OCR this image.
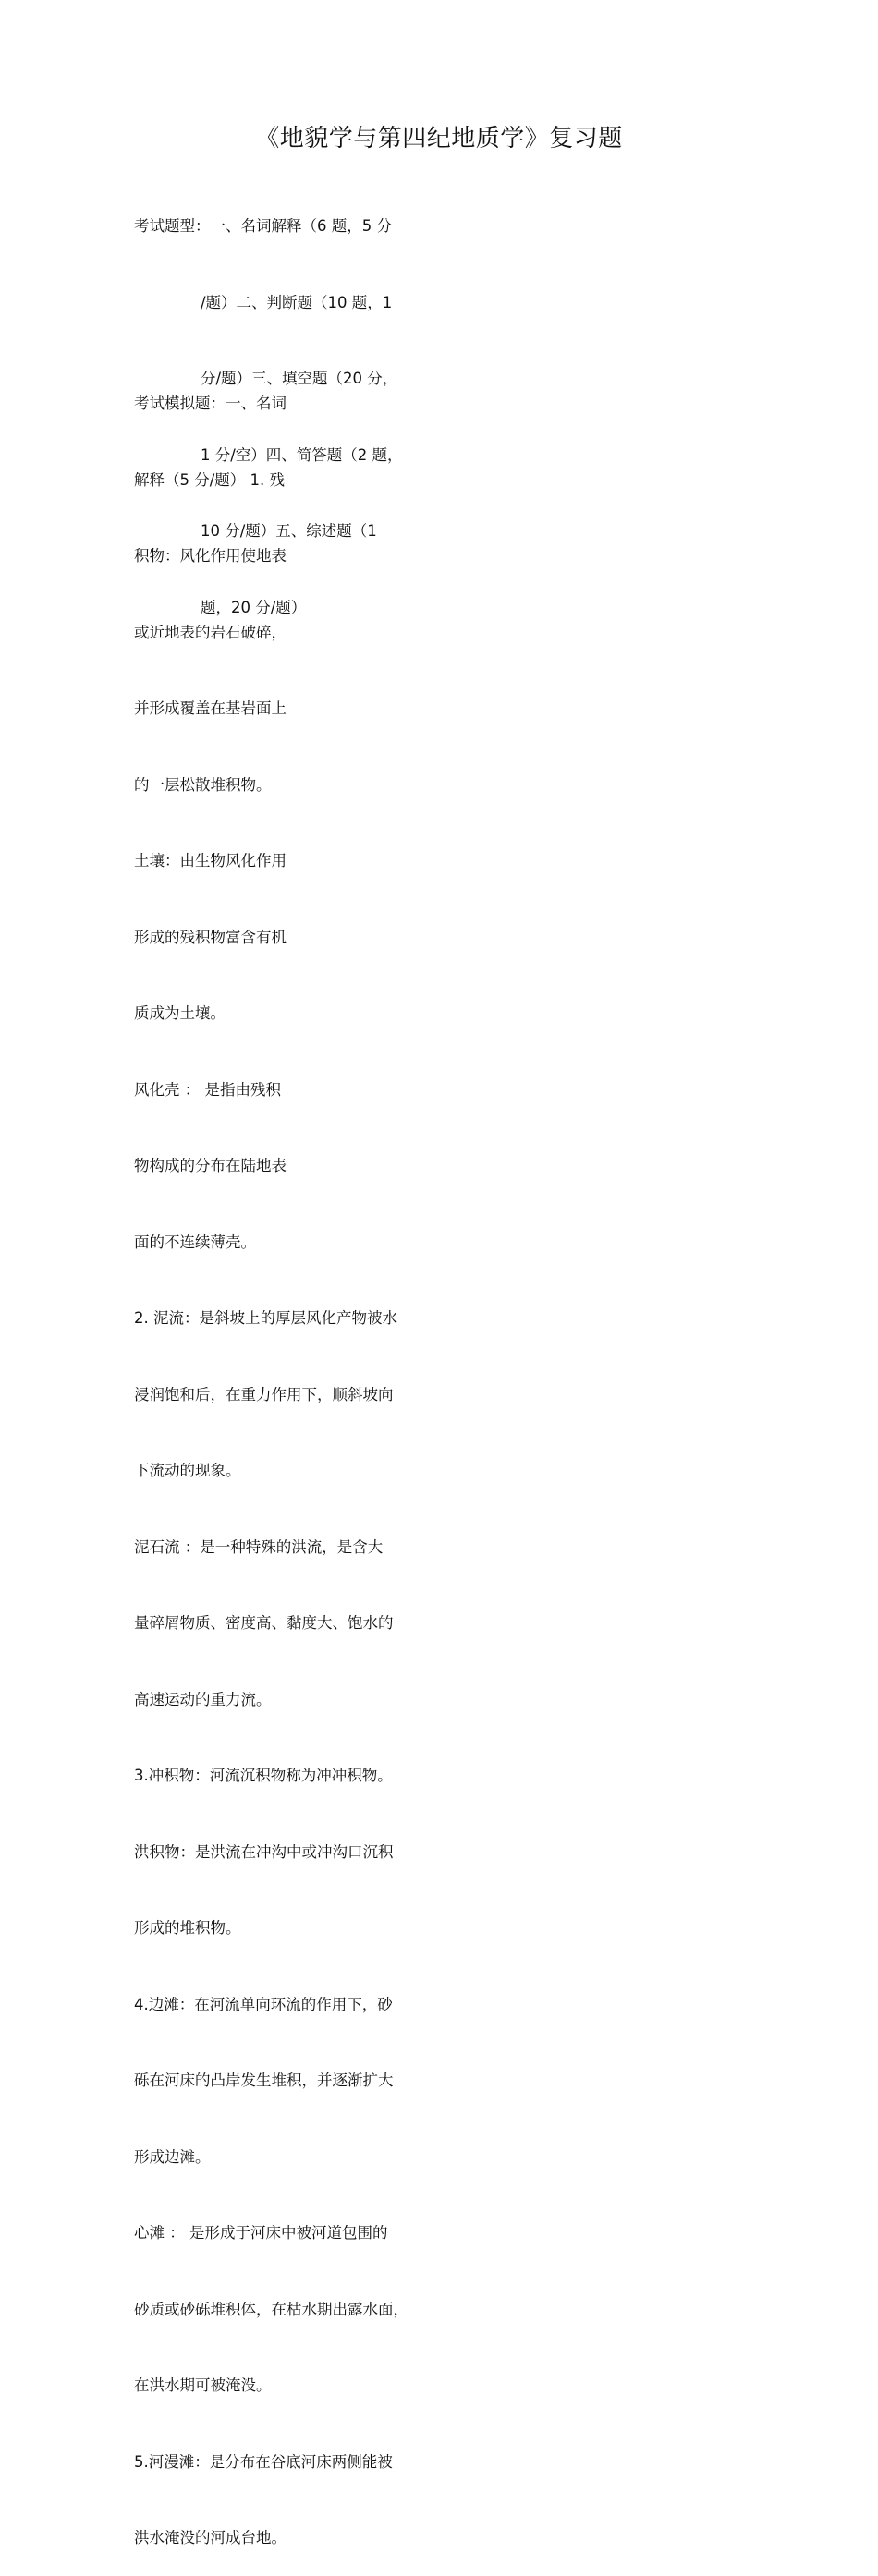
《地貌学与第四纪地质学》复习题

考试题型：一、名词解释（6 题，5 分

/题）二、判断题（10 题，1

分/题）三、填空题（20 分，

1 分/空）四、简答题（2 题，

10 分/题）五、综述题（1

题，20 分/题）

考试模拟题：一、名词

解释（5 分/题） 1. 残

积物：风化作用使地表

或近地表的岩石破碎，

并形成覆盖在基岩面上

的一层松散堆积物。

土壤：由生物风化作用

形成的残积物富含有机

质成为土壤。

风化壳 ： 是指由残积

物构成的分布在陆地表

面的不连续薄壳。

2. 泥流：是斜坡上的厚层风化产物被水

浸润饱和后，在重力作用下，顺斜坡向

下流动的现象。

泥石流 ：是一种特殊的洪流，是含大

量碎屑物质、密度高、黏度大、饱水的

高速运动的重力流。

3.冲积物：河流沉积物称为冲冲积物。

洪积物：是洪流在冲沟中或冲沟口沉积

形成的堆积物。

4.边滩：在河流单向环流的作用下，砂

砾在河床的凸岸发生堆积，并逐渐扩大

形成边滩。

心滩 ： 是形成于河床中被河道包围的

砂质或砂砾堆积体，在枯水期出露水面，

在洪水期可被淹没。

5.河漫滩：是分布在谷底河床两侧能被

洪水淹没的河成台地。
